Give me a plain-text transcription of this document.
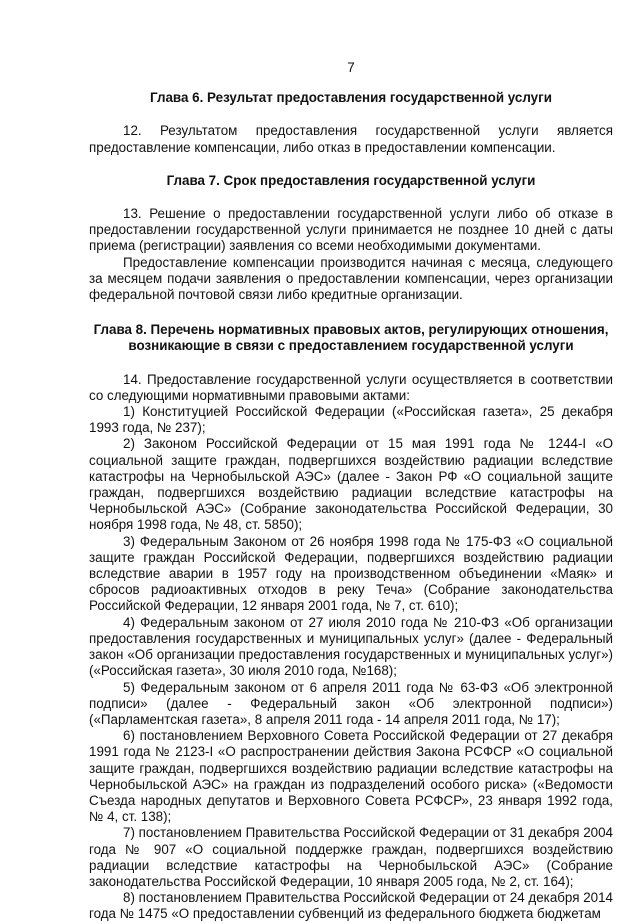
7
Глава 6. Результат предоставления государственной услуги

12. Результатом предоставления государственной услуги является предоставление компенсации, либо отказ в предоставлении компенсации.

Глава 7. Срок предоставления государственной услуги

13. Решение о предоставлении государственной услуги либо об отказе в предоставлении государственной услуги принимается не позднее 10 дней с даты приема (регистрации) заявления со всеми необходимыми документами.

Предоставление компенсации производится начиная с месяца, следующего за месяцем подачи заявления о предоставлении компенсации, через организации федеральной почтовой связи либо кредитные организации.

Глава 8. Перечень нормативных правовых актов, регулирующих отношения,
возникающие в связи с предоставлением государственной услуги

14. Предоставление государственной услуги осуществляется в соответствии со следующими нормативными правовыми актами:

1) Конституцией Российской Федерации («Российская газета», 25 декабря 1993 года, № 237);

2) Законом Российской Федерации от 15 мая 1991 года № 1244-I «О социальной защите граждан, подвергшихся воздействию радиации вследствие катастрофы на Чернобыльской АЭС» (далее - Закон РФ «О социальной защите граждан, подвергшихся воздействию радиации вследствие катастрофы на Чернобыльской АЭС» (Собрание законодательства Российской Федерации, 30 ноября 1998 года, № 48, ст. 5850);

3) Федеральным Законом от 26 ноября 1998 года № 175-ФЗ «О социальной защите граждан Российской Федерации, подвергшихся воздействию радиации вследствие аварии в 1957 году на производственном объединении «Маяк» и сбросов радиоактивных отходов в реку Теча» (Собрание законодательства Российской Федерации, 12 января 2001 года, № 7, ст. 610);

4) Федеральным законом от 27 июля 2010 года № 210-ФЗ «Об организации предоставления государственных и муниципальных услуг» (далее - Федеральный закон «Об организации предоставления государственных и муниципальных услуг») («Российская газета», 30 июля 2010 года, №168);

5) Федеральным законом от 6 апреля 2011 года № 63-ФЗ «Об электронной подписи» (далее - Федеральный закон «Об электронной подписи») («Парламентская газета», 8 апреля 2011 года - 14 апреля 2011 года, № 17);

6) постановлением Верховного Совета Российской Федерации от 27 декабря 1991 года № 2123-I «О распространении действия Закона РСФСР «О социальной защите граждан, подвергшихся воздействию радиации вследствие катастрофы на Чернобыльской АЭС» на граждан из подразделений особого риска» («Ведомости Съезда народных депутатов и Верховного Совета РСФСР», 23 января 1992 года, № 4, ст. 138);

7) постановлением Правительства Российской Федерации от 31 декабря 2004 года № 907 «О социальной поддержке граждан, подвергшихся воздействию радиации вследствие катастрофы на Чернобыльской АЭС» (Собрание законодательства Российской Федерации, 10 января 2005 года, № 2, ст. 164);

8) постановлением Правительства Российской Федерации от 24 декабря 2014 года № 1475 «О предоставлении субвенций из федерального бюджета бюджетам
